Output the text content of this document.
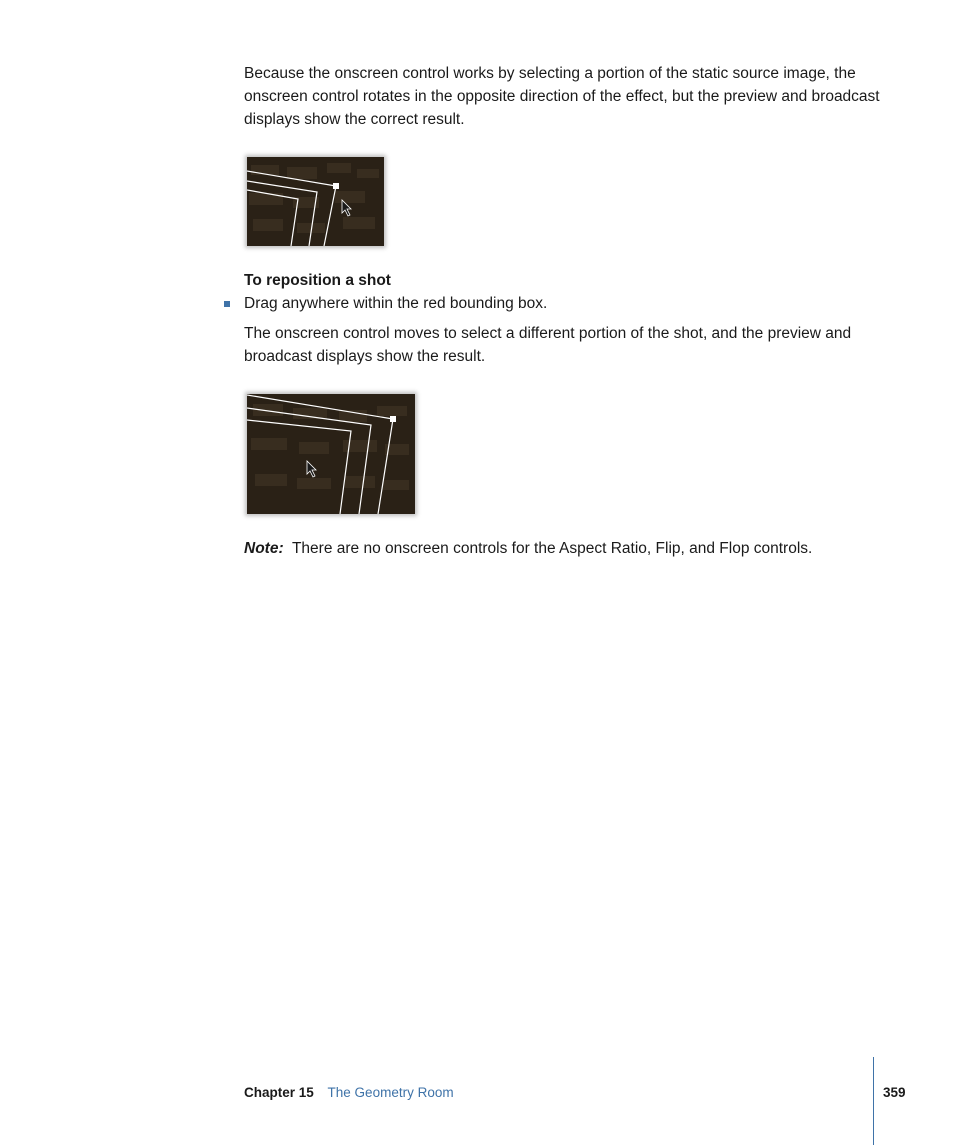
Because the onscreen control works by selecting a portion of the static source image, the onscreen control rotates in the opposite direction of the effect, but the preview and broadcast displays show the correct result.

To reposition a shot

Drag anywhere within the red bounding box.

The onscreen control moves to select a different portion of the shot, and the preview and broadcast displays show the result.

Note: There are no onscreen controls for the Aspect Ratio, Flip, and Flop controls.

Chapter 15 The Geometry Room	359
